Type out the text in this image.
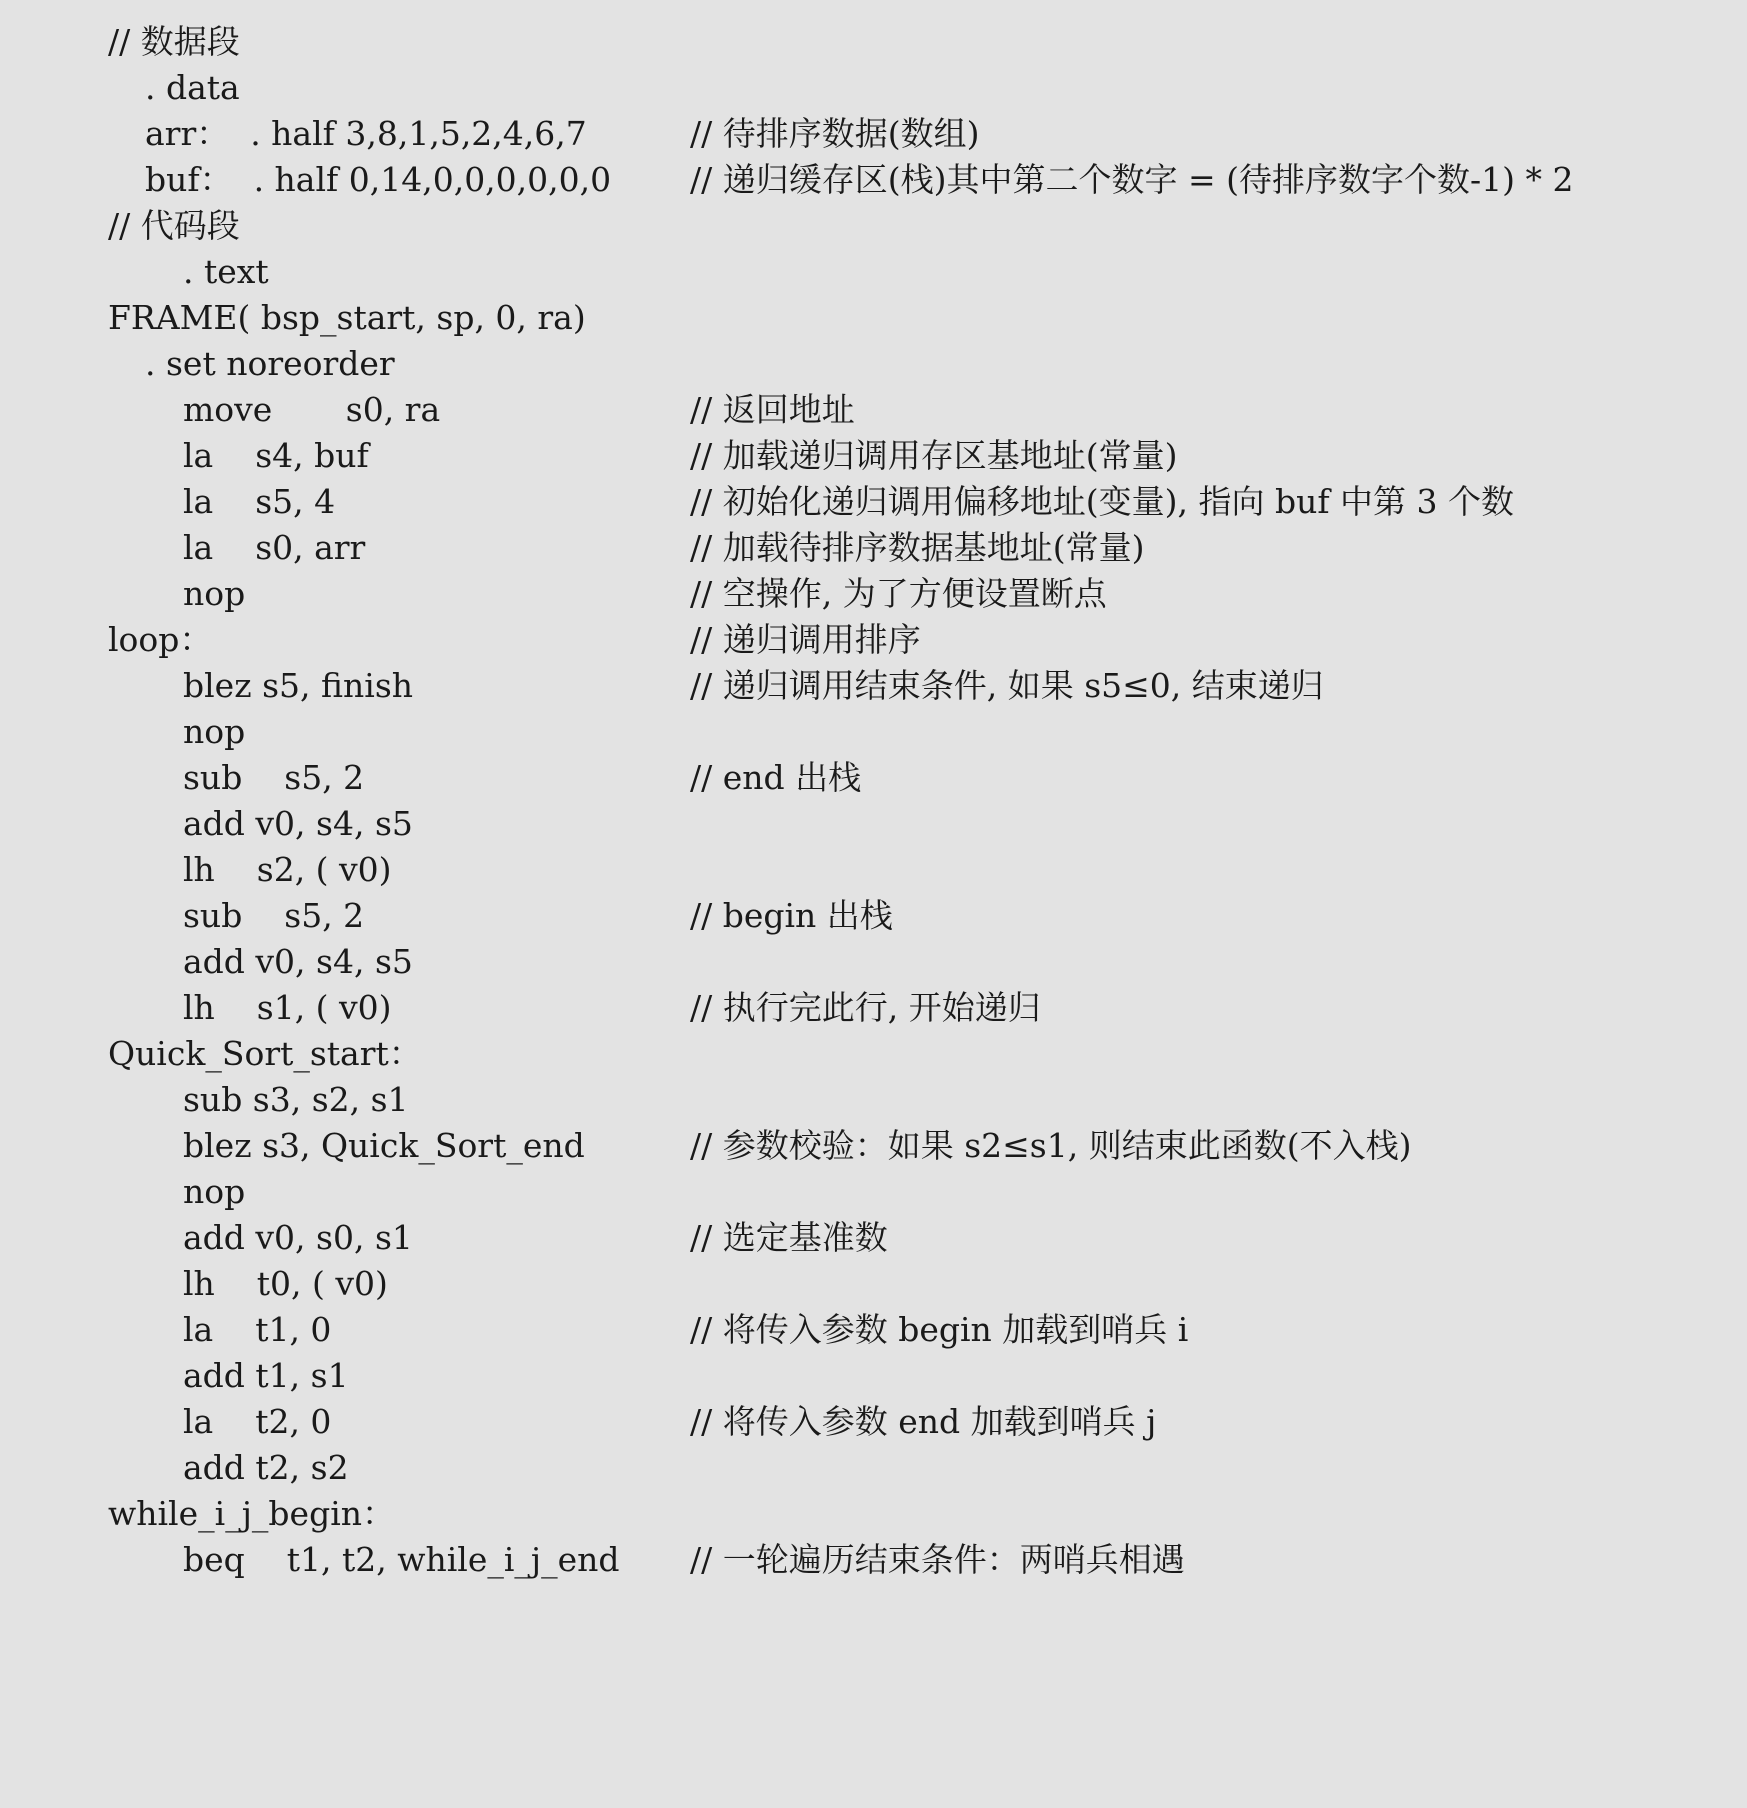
// 数据段
. data
arr：  . half 3,8,1,5,2,4,6,7	// 待排序数据(数组)
buf：  . half 0,14,0,0,0,0,0,0 // 递归缓存区(栈)其中第二个数字 = (待排序数字个数-1) * 2
// 代码段
. text
FRAME( bsp_start, sp, 0, ra)
. set noreorder
move       s0, ra	// 返回地址
la    s4, buf	// 加载递归调用存区基地址(常量)
la    s5, 4	// 初始化递归调用偏移地址(变量), 指向 buf 中第 3 个数
la    s0, arr	// 加载待排序数据基地址(常量)
nop	// 空操作, 为了方便设置断点
loop：	// 递归调用排序
blez s5, finish	// 递归调用结束条件, 如果 s5≤0, 结束递归
nop
sub    s5, 2	// end 出栈
add v0, s4, s5
lh    s2, ( v0)
sub    s5, 2	// begin 出栈
add v0, s4, s5
lh    s1, ( v0)	// 执行完此行, 开始递归
Quick_Sort_start：
sub s3, s2, s1
blez s3, Quick_Sort_end	// 参数校验：如果 s2≤s1, 则结束此函数(不入栈)
nop
add v0, s0, s1	// 选定基准数
lh    t0, ( v0)
la    t1, 0	// 将传入参数 begin 加载到哨兵 i
add t1, s1
la    t2, 0	// 将传入参数 end 加载到哨兵 j
add t2, s2
while_i_j_begin：
beq    t1, t2, while_i_j_end // 一轮遍历结束条件：两哨兵相遇
